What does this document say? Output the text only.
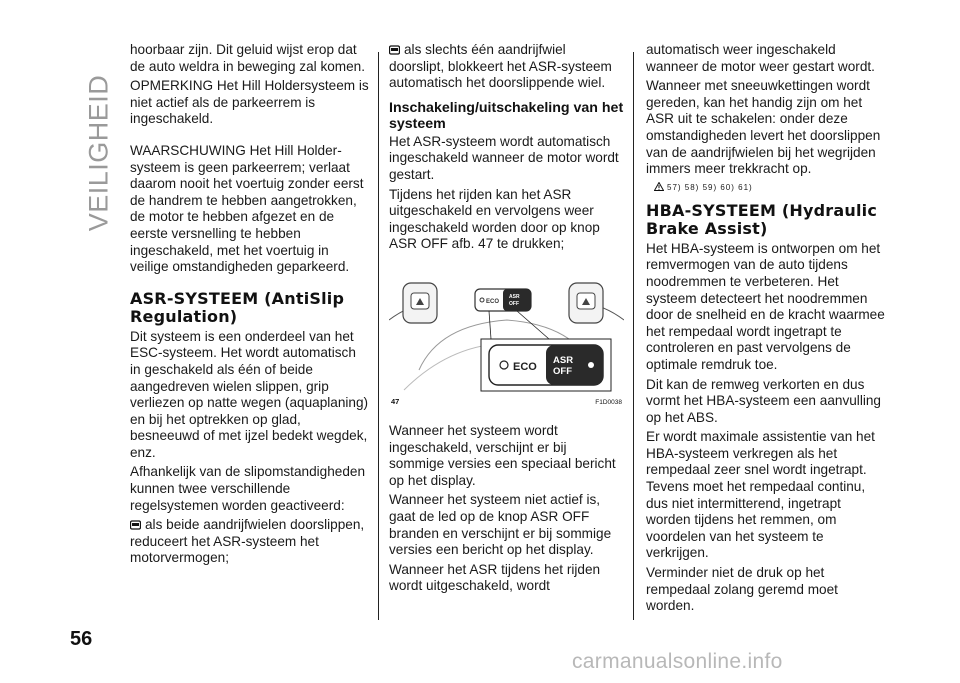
VEILIGHEID

hoorbaar zijn. Dit geluid wijst erop dat de auto weldra in beweging zal komen.

OPMERKING Het Hill Holdersysteem is niet actief als de parkeerrem is ingeschakeld.

WAARSCHUWING Het Hill Holder-systeem is geen parkeerrem; verlaat daarom nooit het voertuig zonder eerst de handrem te hebben aangetrokken, de motor te hebben afgezet en de eerste versnelling te hebben ingeschakeld, met het voertuig in veilige omstandigheden geparkeerd.

ASR-SYSTEEM (AntiSlip Regulation)

Dit systeem is een onderdeel van het ESC-systeem. Het wordt automatisch in geschakeld als één of beide aangedreven wielen slippen, grip verliezen op natte wegen (aquaplaning) en bij het optrekken op glad, besneeuwd of met ijzel bedekt wegdek, enz.

Afhankelijk van de slipomstandigheden kunnen twee verschillende regelsystemen worden geactiveerd:

als beide aandrijfwielen doorslippen, reduceert het ASR-systeem het motorvermogen;

als slechts één aandrijfwiel doorslipt, blokkeert het ASR-systeem automatisch het doorslippende wiel.

Inschakeling/uitschakeling van het systeem

Het ASR-systeem wordt automatisch ingeschakeld wanneer de motor wordt gestart.

Tijdens het rijden kan het ASR uitgeschakeld en vervolgens weer ingeschakeld worden door op knop ASR OFF afb. 47 te drukken;

ECO
ASR
OFF
ECO
ASR
OFF
47	F1D0038

Wanneer het systeem wordt ingeschakeld, verschijnt er bij sommige versies een speciaal bericht op het display.

Wanneer het systeem niet actief is, gaat de led op de knop ASR OFF branden en verschijnt er bij sommige versies een bericht op het display.

Wanneer het ASR tijdens het rijden wordt uitgeschakeld, wordt

automatisch weer ingeschakeld wanneer de motor weer gestart wordt.

Wanneer met sneeuwkettingen wordt gereden, kan het handig zijn om het ASR uit te schakelen: onder deze omstandigheden levert het doorslippen van de aandrijfwielen bij het wegrijden immers meer trekkracht op.

57) 58) 59) 60) 61)
HBA-SYSTEEM (Hydraulic Brake Assist)

Het HBA-systeem is ontworpen om het remvermogen van de auto tijdens noodremmen te verbeteren. Het systeem detecteert het noodremmen door de snelheid en de kracht waarmee het rempedaal wordt ingetrapt te controleren en past vervolgens de optimale remdruk toe.

Dit kan de remweg verkorten en dus vormt het HBA-systeem een aanvulling op het ABS.

Er wordt maximale assistentie van het HBA-systeem verkregen als het rempedaal zeer snel wordt ingetrapt. Tevens moet het rempedaal continu, dus niet intermitterend, ingetrapt worden tijdens het remmen, om voordelen van het systeem te verkrijgen.

Verminder niet de druk op het rempedaal zolang geremd moet worden.

56
carmanualsonline.info
